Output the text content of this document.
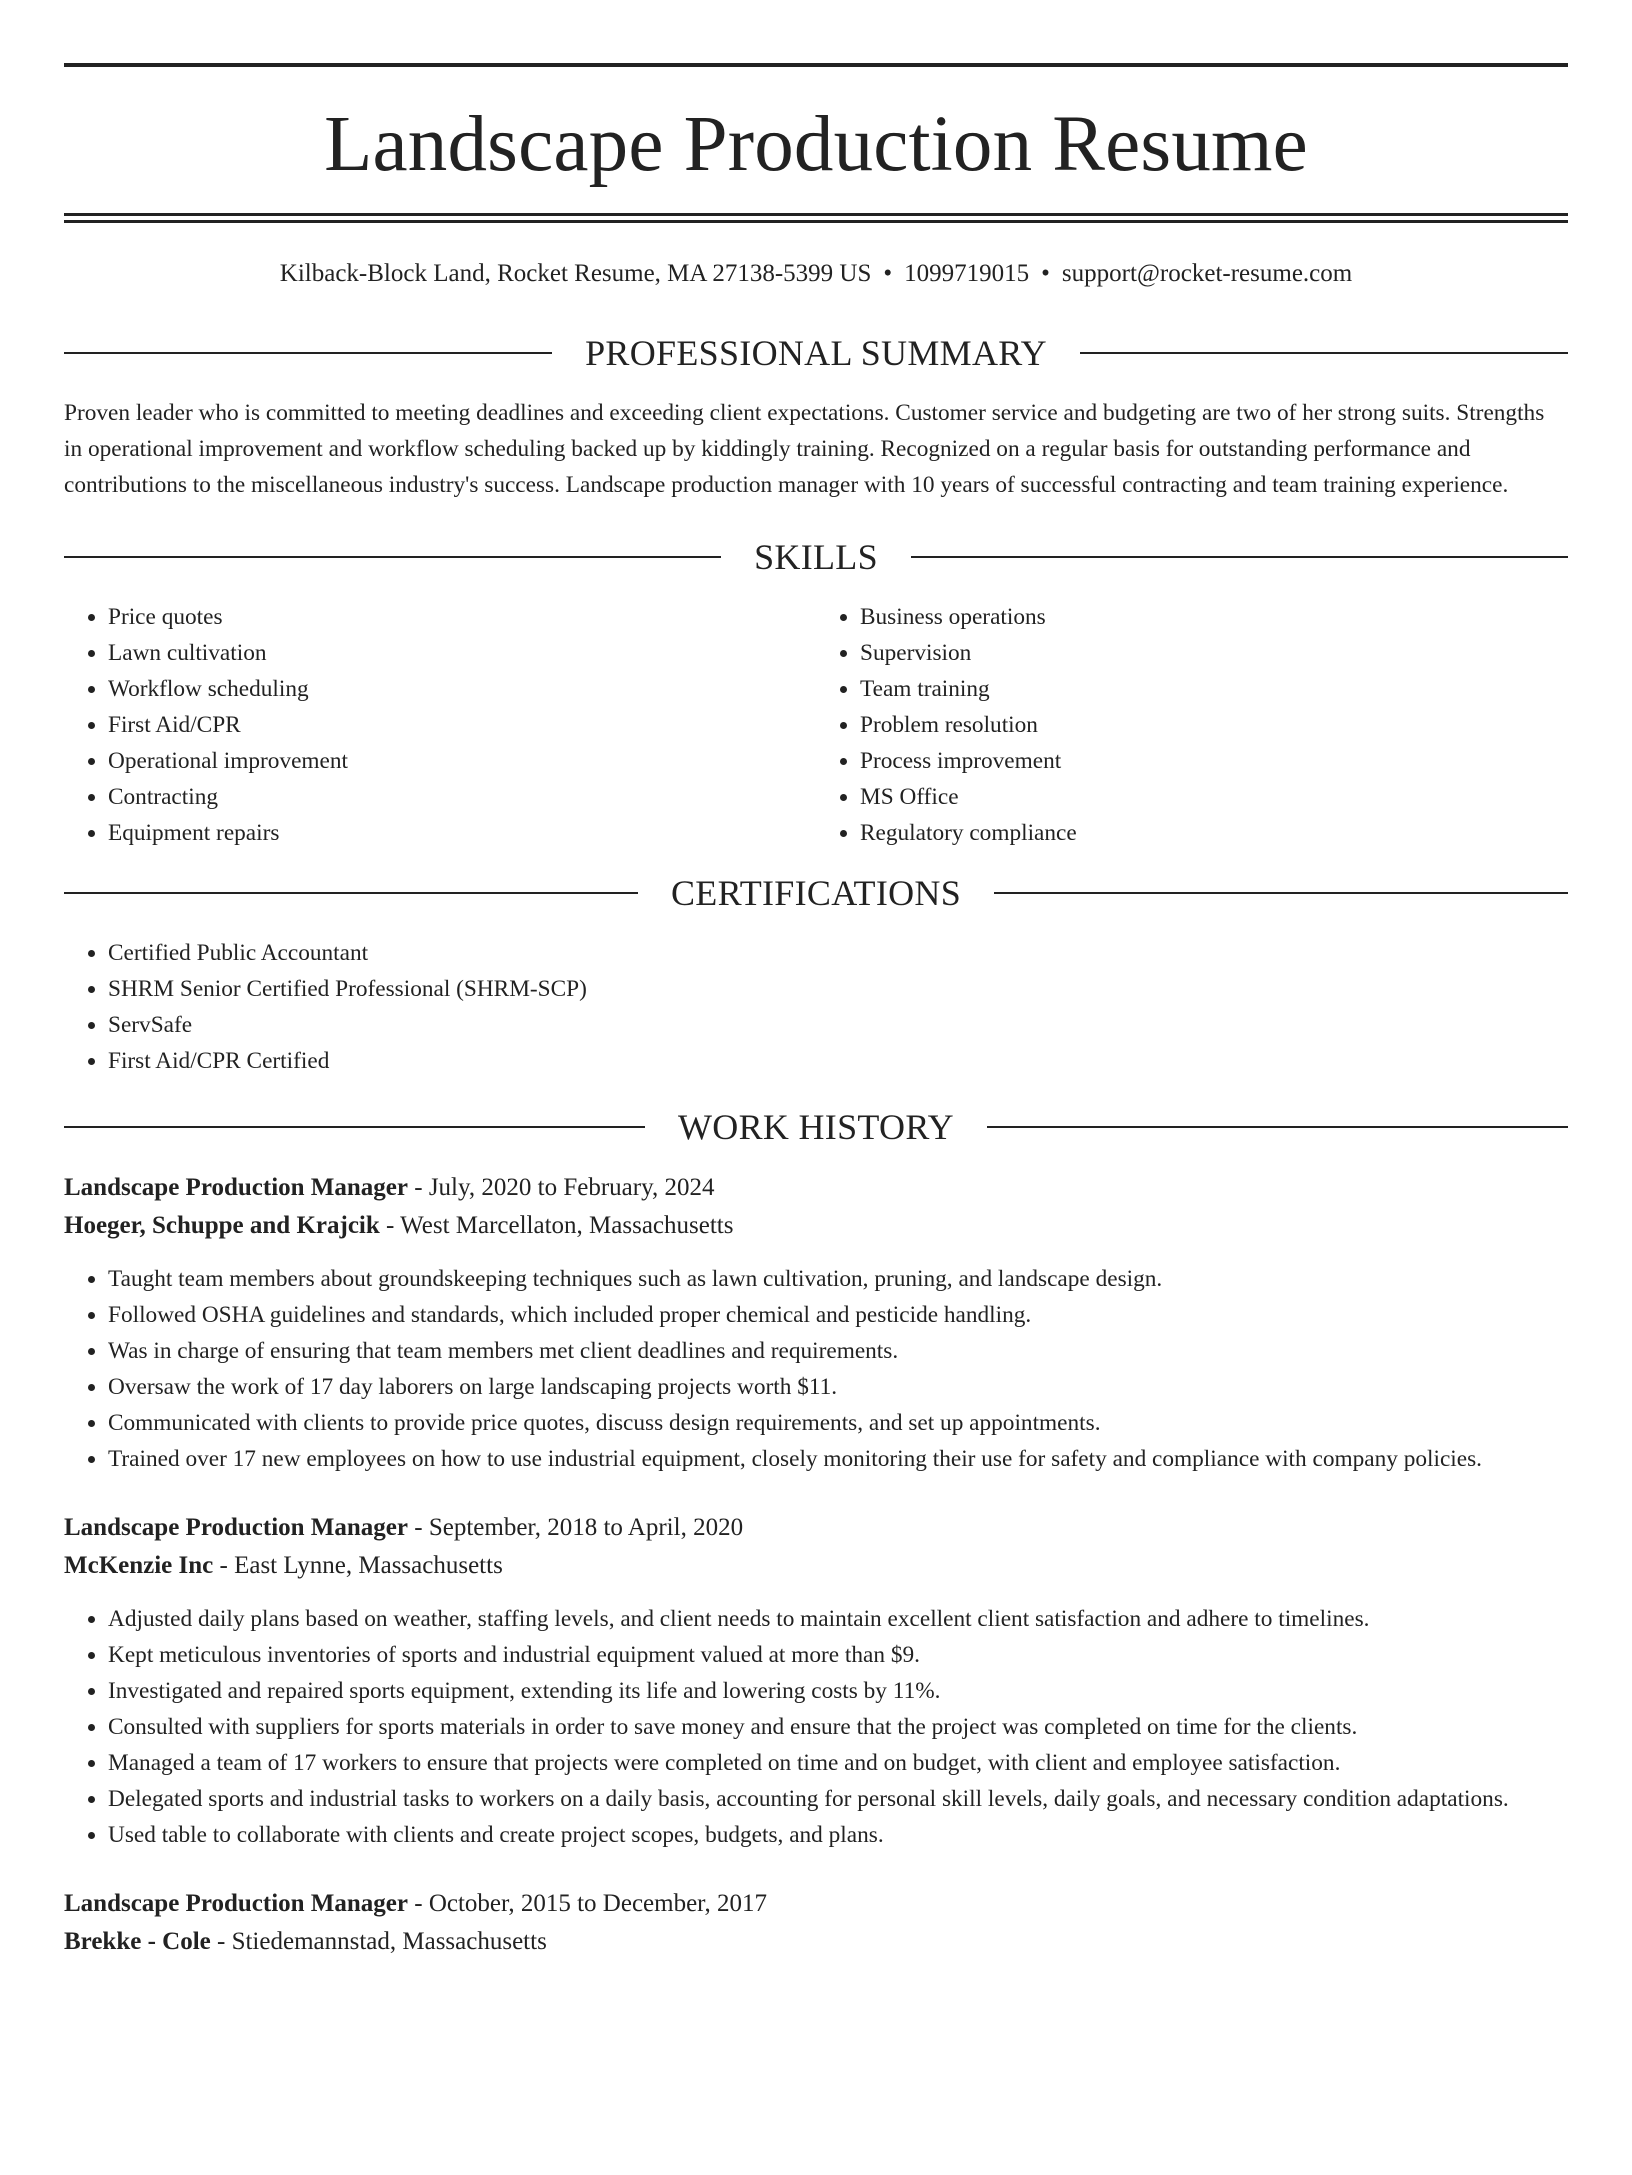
Landscape Production Resume
Kilback-Block Land, Rocket Resume, MA 27138-5399 US • 1099719015 • support@rocket-resume.com
PROFESSIONAL SUMMARY

Proven leader who is committed to meeting deadlines and exceeding client expectations. Customer service and budgeting are two of her strong suits. Strengths in operational improvement and workflow scheduling backed up by kiddingly training. Recognized on a regular basis for outstanding performance and contributions to the miscellaneous industry's success. Landscape production manager with 10 years of successful contracting and team training experience.

SKILLS
• Price quotes
• Lawn cultivation
• Workflow scheduling
• First Aid/CPR
• Operational improvement
• Contracting
• Equipment repairs
• Business operations
• Supervision
• Team training
• Problem resolution
• Process improvement
• MS Office
• Regulatory compliance
CERTIFICATIONS
• Certified Public Accountant
• SHRM Senior Certified Professional (SHRM-SCP)
• ServSafe
• First Aid/CPR Certified
WORK HISTORY
Landscape Production Manager - July, 2020 to February, 2024
Hoeger, Schuppe and Krajcik - West Marcellaton, Massachusetts
• Taught team members about groundskeeping techniques such as lawn cultivation, pruning, and landscape design.
• Followed OSHA guidelines and standards, which included proper chemical and pesticide handling.
• Was in charge of ensuring that team members met client deadlines and requirements.
• Oversaw the work of 17 day laborers on large landscaping projects worth $11.
• Communicated with clients to provide price quotes, discuss design requirements, and set up appointments.
• Trained over 17 new employees on how to use industrial equipment, closely monitoring their use for safety and compliance with company policies.
Landscape Production Manager - September, 2018 to April, 2020
McKenzie Inc - East Lynne, Massachusetts
• Adjusted daily plans based on weather, staffing levels, and client needs to maintain excellent client satisfaction and adhere to timelines.
• Kept meticulous inventories of sports and industrial equipment valued at more than $9.
• Investigated and repaired sports equipment, extending its life and lowering costs by 11%.
• Consulted with suppliers for sports materials in order to save money and ensure that the project was completed on time for the clients.
• Managed a team of 17 workers to ensure that projects were completed on time and on budget, with client and employee satisfaction.
• Delegated sports and industrial tasks to workers on a daily basis, accounting for personal skill levels, daily goals, and necessary condition adaptations.
• Used table to collaborate with clients and create project scopes, budgets, and plans.
Landscape Production Manager - October, 2015 to December, 2017
Brekke - Cole - Stiedemannstad, Massachusetts
